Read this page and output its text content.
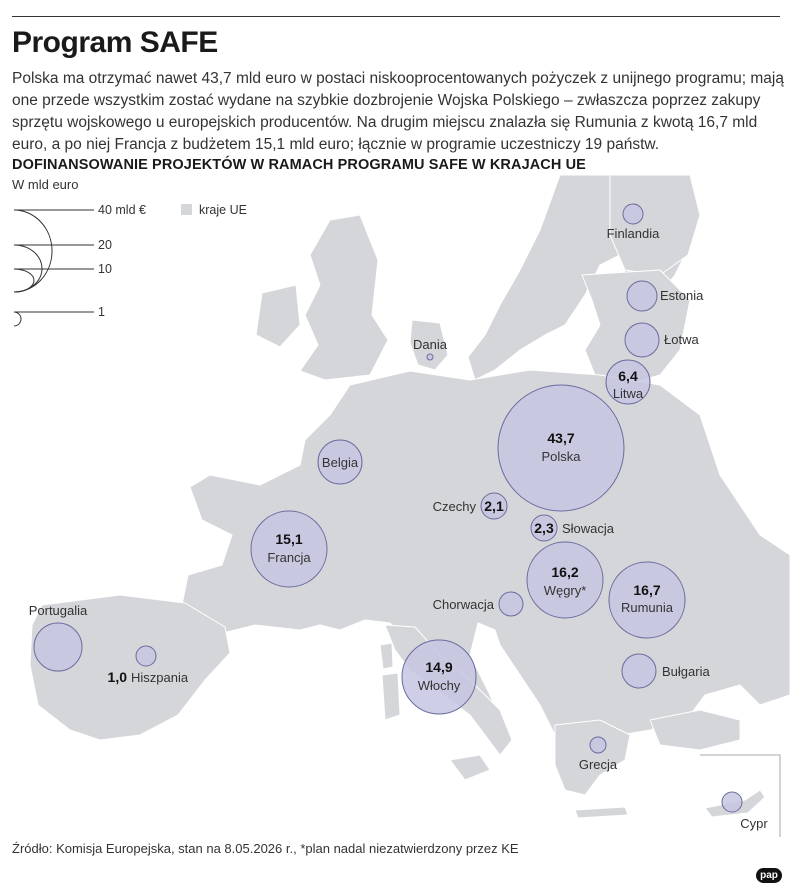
Program SAFE

Polska ma otrzymać nawet 43,7 mld euro w postaci niskooprocentowanych pożyczek z unijnego programu; mają one przede wszystkim zostać wydane na szybkie dozbrojenie Wojska Polskiego – zwłaszcza poprzez zakupy sprzętu wojskowego u europejskich producentów. Na drugim miejscu znalazła się Rumunia z kwotą 16,7 mld euro, a po niej Francja z budżetem 15,1 mld euro; łącznie w programie uczestniczy 19 państw.

DOFINANSOWANIE PROJEKTÓW W RAMACH PROGRAMU SAFE W KRAJACH UE
W mld euro
40 mld €
20
10
1
kraje UE
Finlandia
Estonia
Łotwa
6,4
Litwa
Dania
43,7
Polska
Belgia
Czechy 2,1
2,3 Słowacja
15,1
Francja
16,2
Węgry*	16,7
Rumunia
Chorwacja
Portugalia
1,0 Hiszpania
14,9
Włochy
Bułgaria
Grecja
Cypr
Źródło: Komisja Europejska, stan na 8.05.2026 r., *plan nadal niezatwierdzony przez KE
pap
